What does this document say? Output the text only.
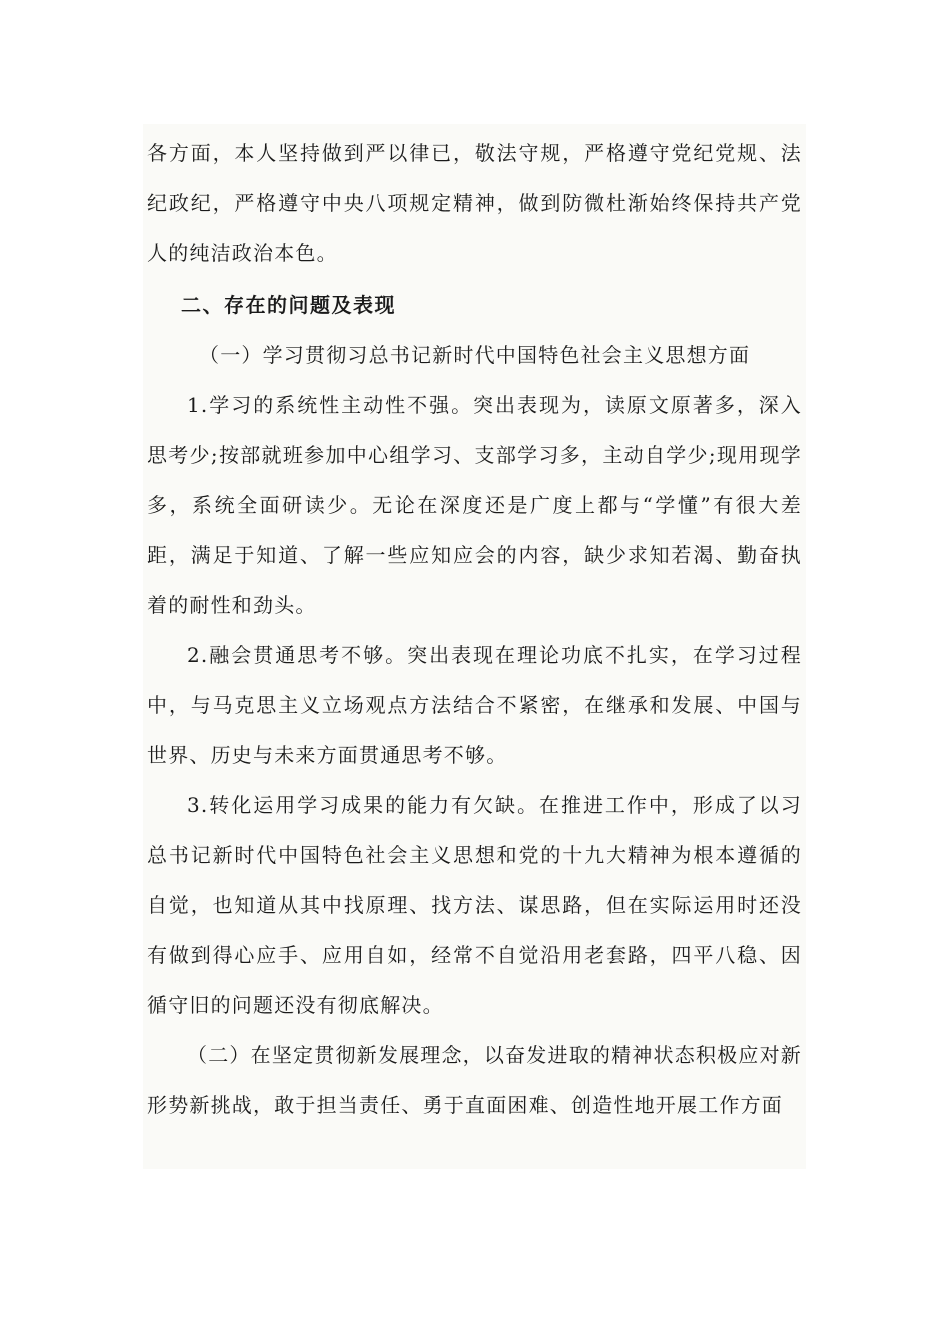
各方面，本人坚持做到严以律已，敬法守规，严格遵守党纪党规、法纪政纪，严格遵守中央八项规定精神，做到防微杜渐始终保持共产党人的纯洁政治本色。

二、存在的问题及表现

（一）学习贯彻习总书记新时代中国特色社会主义思想方面

1.学习的系统性主动性不强。突出表现为，读原文原著多，深入思考少;按部就班参加中心组学习、支部学习多，主动自学少;现用现学多，系统全面研读少。无论在深度还是广度上都与“学懂”有很大差距，满足于知道、了解一些应知应会的内容，缺少求知若渴、勤奋执着的耐性和劲头。

2.融会贯通思考不够。突出表现在理论功底不扎实，在学习过程中，与马克思主义立场观点方法结合不紧密，在继承和发展、中国与世界、历史与未来方面贯通思考不够。

3.转化运用学习成果的能力有欠缺。在推进工作中，形成了以习总书记新时代中国特色社会主义思想和党的十九大精神为根本遵循的自觉，也知道从其中找原理、找方法、谋思路，但在实际运用时还没有做到得心应手、应用自如，经常不自觉沿用老套路，四平八稳、因循守旧的问题还没有彻底解决。

（二）在坚定贯彻新发展理念，以奋发进取的精神状态积极应对新形势新挑战，敢于担当责任、勇于直面困难、创造性地开展工作方面
